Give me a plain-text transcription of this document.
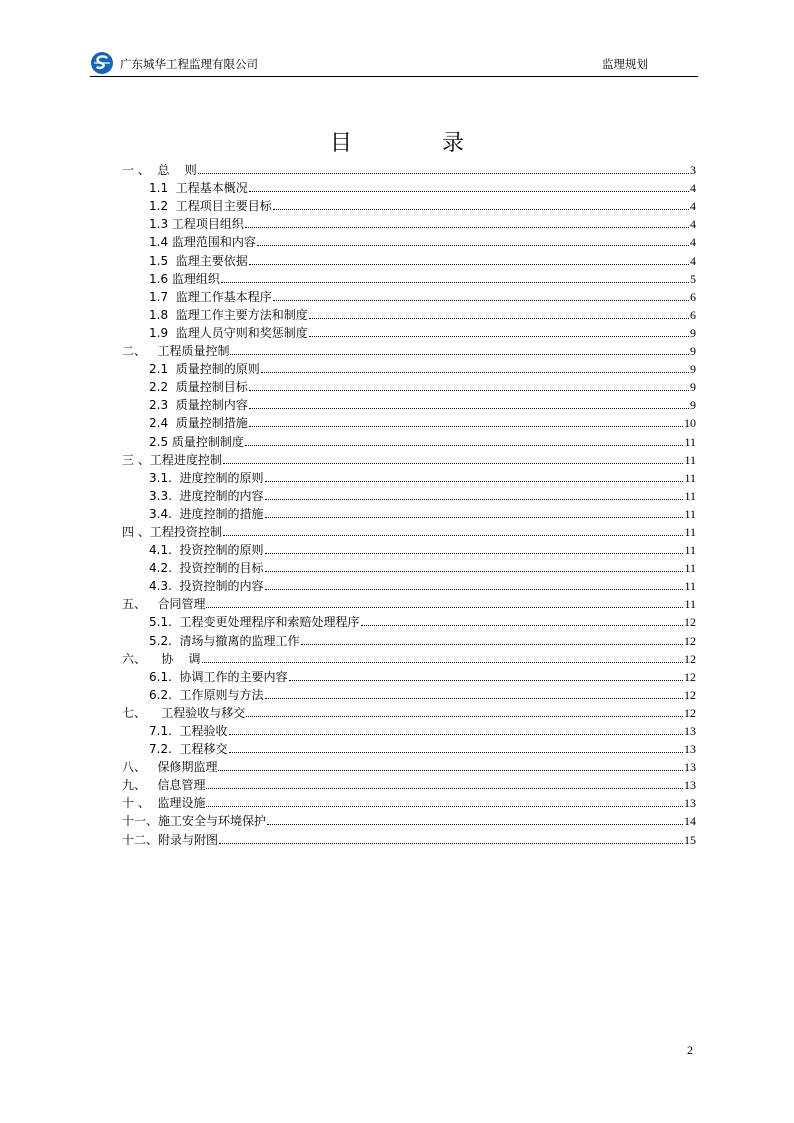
广东城华工程监理有限公司	监理规划
目	录
一 、  总    则	3
1.1  工程基本概况	4
1.2  工程项目主要目标	4
1.3 工程项目组织	4
1.4 监理范围和内容	4
1.5  监理主要依据	4
1.6 监理组织	5
1.7  监理工作基本程序	6
1.8  监理工作主要方法和制度	6
1.9  监理人员守则和奖惩制度	9
二、   工程质量控制	9
2.1  质量控制的原则	9
2.2  质量控制目标	9
2.3  质量控制内容	9
2.4  质量控制措施	10
2.5 质量控制制度	11
三 、工程进度控制	11
3.1.  进度控制的原则	11
3.3.  进度控制的内容	11
3.4.  进度控制的措施	11
四 、工程投资控制	11
4.1.  投资控制的原则	11
4.2.  投资控制的目标	11
4.3.  投资控制的内容	11
五、   合同管理	11
5.1.  工程变更处理程序和索赔处理程序	12
5.2.  清场与撤离的监理工作	12
六、    协    调	12
6.1.  协调工作的主要内容	12
6.2.  工作原则与方法	12
七、    工程验收与移交	12
7.1.  工程验收	13
7.2.  工程移交	13
八、   保修期监理	13
九、   信息管理	13
十 、  监理设施	13
十一、施工安全与环境保护	14
十二、附录与附图	15
2
